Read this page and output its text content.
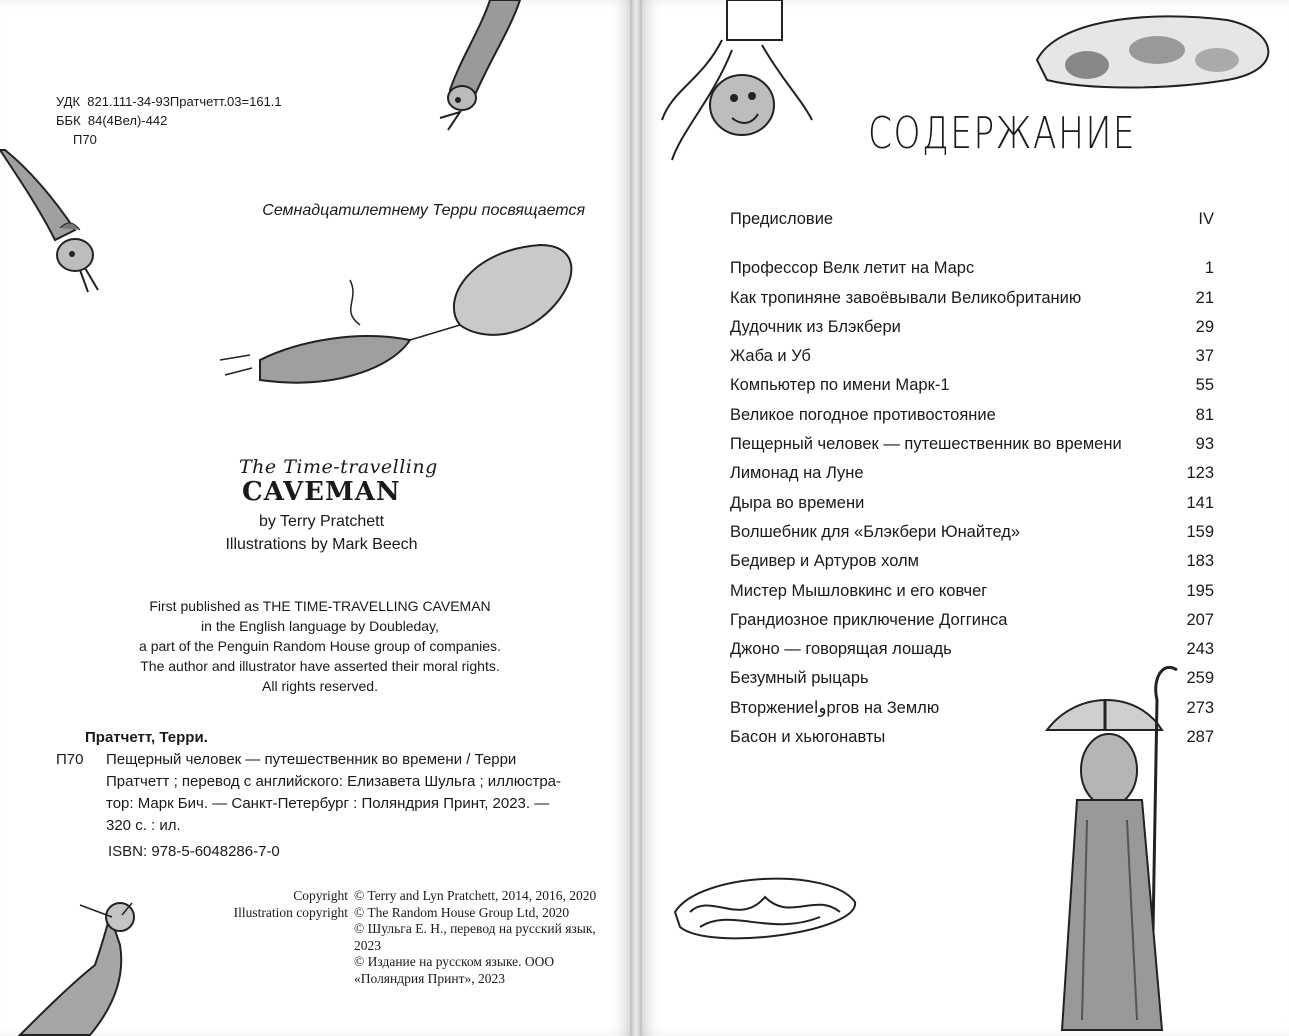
УДК 821.111-34-93Пратчетт.03=161.1
ББК 84(4Вел)-442
П70
Семнадцатилетнему Терри посвящается
The Time-travelling
CAVEMAN
by Terry Pratchett
Illustrations by Mark Beech
First published as THE TIME-TRAVELLING CAVEMAN
in the English language by Doubleday,
a part of the Penguin Random House group of companies.
The author and illustrator have asserted their moral rights.
All rights reserved.
Пратчетт, Терри.
П70	Пещерный человек — путешественник во времени / Терри
Пратчетт ; перевод с английского: Елизавета Шульга ; иллюстра-
тор: Марк Бич. — Санкт-Петербург : Поляндрия Принт, 2023. —
320 с. : ил.
ISBN: 978-5-6048286-7-0
Copyright © Terry and Lyn Pratchett, 2014, 2016, 2020
Illustration copyright © The Random House Group Ltd, 2020
© Шульга Е. Н., перевод на русский язык, 2023
© Издание на русском языке. ООО «Поляндрия Принт», 2023
СОДЕРЖАНИЕ
Предисловие	IV
Профессор Велк летит на Марс	1
Как тропиняне завоёвывали Великобританию	21
Дудочник из Блэкбери	29
Жаба и Уб	37
Компьютер по имени Марк-1	55
Великое погодное противостояние	81
Пещерный человек — путешественник во времени	93
Лимонад на Луне	123
Дыра во времени	141
Волшебник для «Блэкбери Юнайтед»	159
Бедивер и Артуров холм	183
Мистер Мышловкинс и его ковчег	195
Грандиозное приключение Доггинса	207
Джоно — говорящая лошадь	243
Безумный рыцарь	259
Вторжениеواргов на Землю	273
Басон и хьюгонавты	287
